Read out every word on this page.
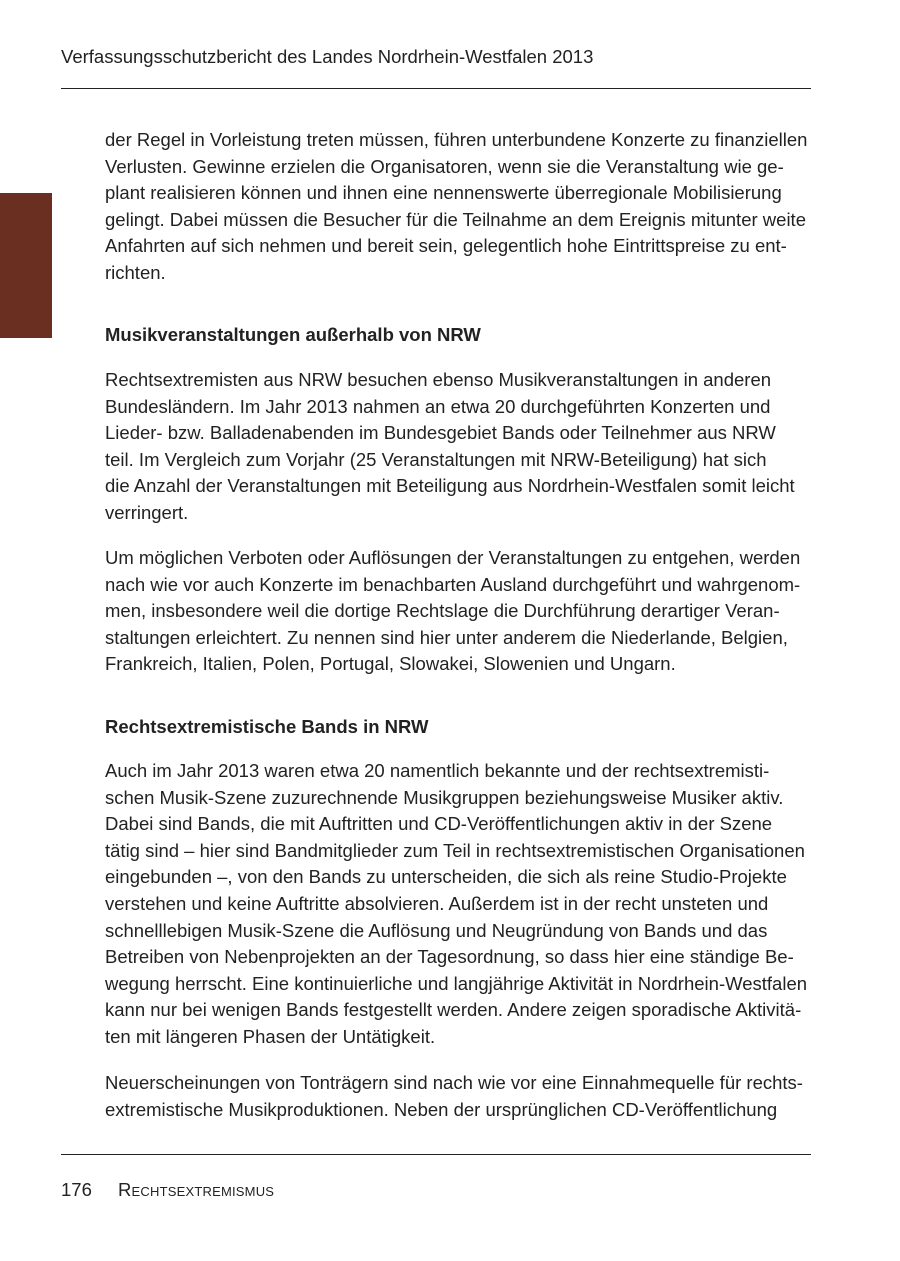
Verfassungsschutzbericht des Landes Nordrhein-Westfalen 2013

der Regel in Vorleistung treten müssen, führen unterbundene Konzerte zu finanziellen
Verlusten. Gewinne erzielen die Organisatoren, wenn sie die Veranstaltung wie ge-
plant realisieren können und ihnen eine nennenswerte überregionale Mobilisierung
gelingt. Dabei müssen die Besucher für die Teilnahme an dem Ereignis mitunter weite
Anfahrten auf sich nehmen und bereit sein, gelegentlich hohe Eintrittspreise zu ent-
richten.

Musikveranstaltungen außerhalb von NRW

Rechtsextremisten aus NRW besuchen ebenso Musikveranstaltungen in anderen
Bundesländern. Im Jahr 2013 nahmen an etwa 20 durchgeführten Konzerten und
Lieder- bzw. Balladenabenden im Bundesgebiet Bands oder Teilnehmer aus NRW
teil. Im Vergleich zum Vorjahr (25 Veranstaltungen mit NRW-Beteiligung) hat sich
die Anzahl der Veranstaltungen mit Beteiligung aus Nordrhein-Westfalen somit leicht
verringert.

Um möglichen Verboten oder Auflösungen der Veranstaltungen zu entgehen, werden
nach wie vor auch Konzerte im benachbarten Ausland durchgeführt und wahrgenom-
men, insbesondere weil die dortige Rechtslage die Durchführung derartiger Veran-
staltungen erleichtert. Zu nennen sind hier unter anderem die Niederlande, Belgien,
Frankreich, Italien, Polen, Portugal, Slowakei, Slowenien und Ungarn.

Rechtsextremistische Bands in NRW

Auch im Jahr 2013 waren etwa 20 namentlich bekannte und der rechtsextremisti-
schen Musik-Szene zuzurechnende Musikgruppen beziehungsweise Musiker aktiv.
Dabei sind Bands, die mit Auftritten und CD-Veröffentlichungen aktiv in der Szene
tätig sind – hier sind Bandmitglieder zum Teil in rechtsextremistischen Organisationen
eingebunden –, von den Bands zu unterscheiden, die sich als reine Studio-Projekte
verstehen und keine Auftritte absolvieren. Außerdem ist in der recht unsteten und
schnelllebigen Musik-Szene die Auflösung und Neugründung von Bands und das
Betreiben von Nebenprojekten an der Tagesordnung, so dass hier eine ständige Be-
wegung herrscht. Eine kontinuierliche und langjährige Aktivität in Nordrhein-Westfalen
kann nur bei wenigen Bands festgestellt werden. Andere zeigen sporadische Aktivitä-
ten mit längeren Phasen der Untätigkeit.

Neuerscheinungen von Tonträgern sind nach wie vor eine Einnahmequelle für rechts-
extremistische Musikproduktionen. Neben der ursprünglichen CD-Veröffentlichung

176 Rechtsextremismus
